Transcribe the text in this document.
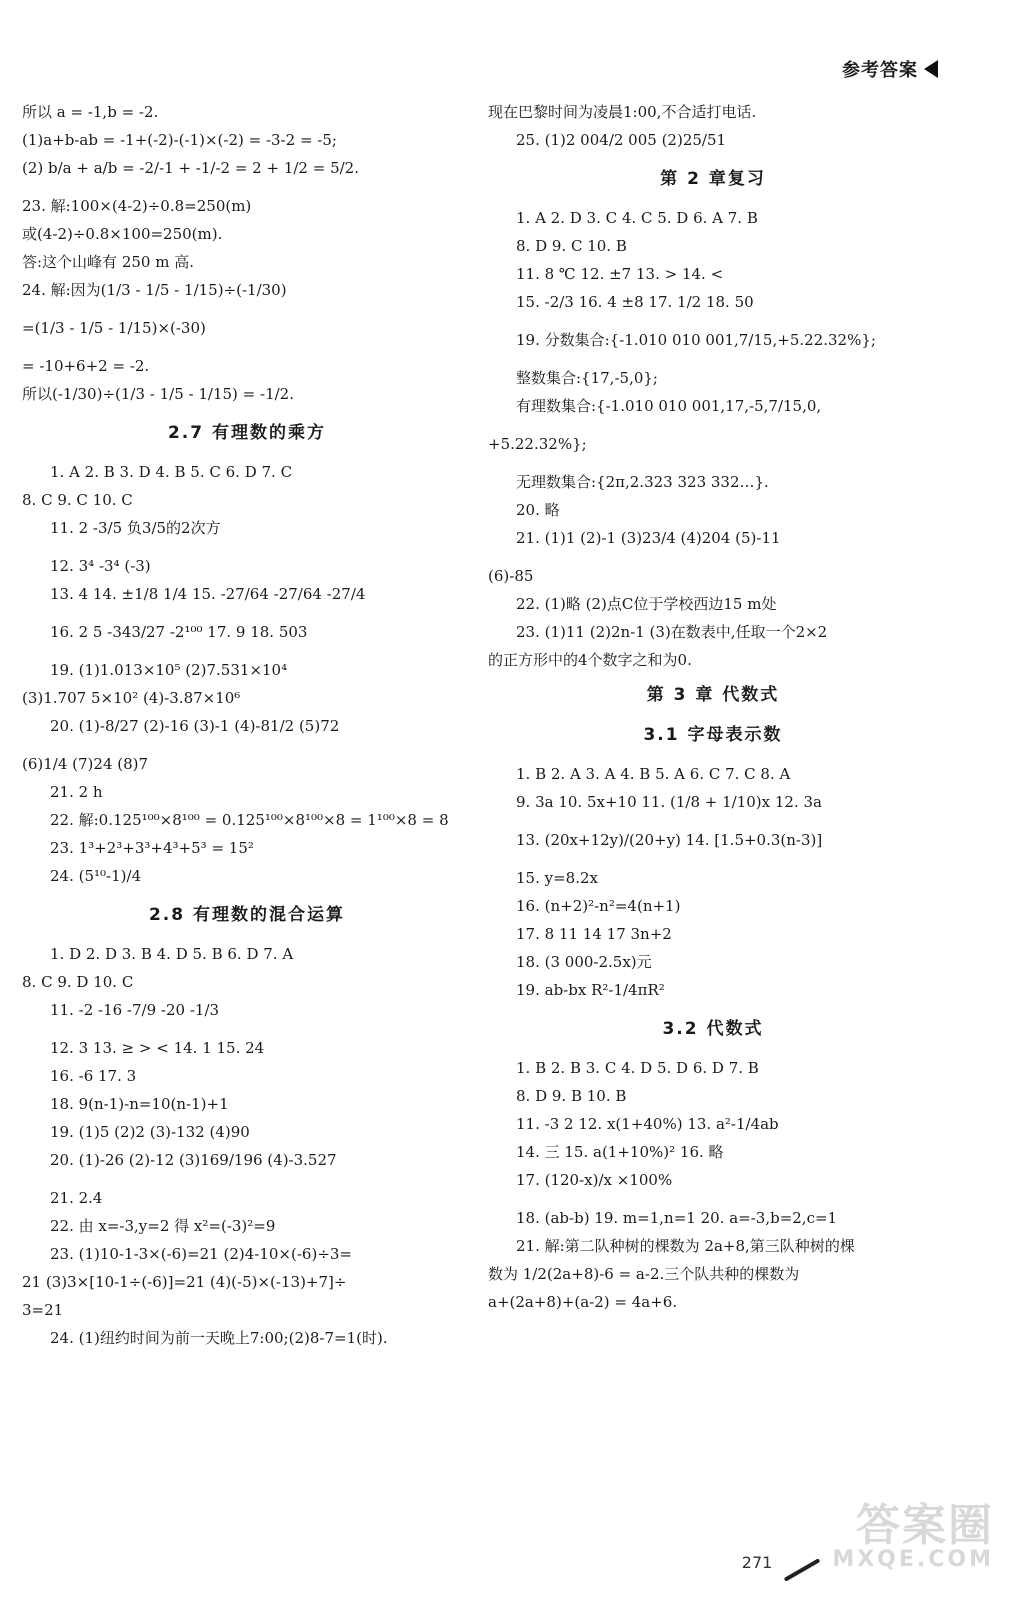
参考答案
所以 a = -1,b = -2.
(1)a+b-ab = -1+(-2)-(-1)×(-2) = -3-2 = -5;
(2) b/a + a/b = -2/-1 + -1/-2 = 2 + 1/2 = 5/2.
23. 解:100×(4-2)÷0.8=250(m)
或(4-2)÷0.8×100=250(m).
答:这个山峰有 250 m 高.
24. 解:因为(1/3 - 1/5 - 1/15)÷(-1/30)
=(1/3 - 1/5 - 1/15)×(-30)
= -10+6+2 = -2.
所以(-1/30)÷(1/3 - 1/5 - 1/15) = -1/2.
2.7 有理数的乘方
1. A 2. B 3. D 4. B 5. C 6. D 7. C
8. C 9. C 10. C
11. 2 -3/5 负3/5的2次方
12. 3⁴ -3⁴ (-3)
13. 4 14. ±1/8 1/4 15. -27/64 -27/64 -27/4
16. 2 5 -343/27 -2¹⁰⁰ 17. 9 18. 503
19. (1)1.013×10⁵ (2)7.531×10⁴
(3)1.707 5×10² (4)-3.87×10⁶
20. (1)-8/27 (2)-16 (3)-1 (4)-81/2 (5)72
(6)1/4 (7)24 (8)7
21. 2 h
22. 解:0.125¹⁰⁰×8¹⁰⁰ = 0.125¹⁰⁰×8¹⁰⁰×8 = 1¹⁰⁰×8 = 8
23. 1³+2³+3³+4³+5³ = 15²
24. (5¹⁰-1)/4
2.8 有理数的混合运算
1. D 2. D 3. B 4. D 5. B 6. D 7. A
8. C 9. D 10. C
11. -2 -16 -7/9 -20 -1/3
12. 3 13. ≥ > < 14. 1 15. 24
16. -6 17. 3
18. 9(n-1)-n=10(n-1)+1
19. (1)5 (2)2 (3)-132 (4)90
20. (1)-26 (2)-12 (3)169/196 (4)-3.527
21. 2.4
22. 由 x=-3,y=2 得 x²=(-3)²=9
23. (1)10-1-3×(-6)=21 (2)4-10×(-6)÷3=
21 (3)3×[10-1÷(-6)]=21 (4)(-5)×(-13)+7]÷
3=21
24. (1)纽约时间为前一天晚上7:00;(2)8-7=1(时).
现在巴黎时间为凌晨1:00,不合适打电话.
25. (1)2 004/2 005 (2)25/51
第 2 章复习
1. A 2. D 3. C 4. C 5. D 6. A 7. B
8. D 9. C 10. B
11. 8 ℃ 12. ±7 13. > 14. <
15. -2/3 16. 4 ±8 17. 1/2 18. 50
19. 分数集合:{-1.010 010 001,7/15,+5.22.32%};
整数集合:{17,-5,0};
有理数集合:{-1.010 010 001,17,-5,7/15,0,
+5.22.32%};
无理数集合:{2π,2.323 323 332…}.
20. 略
21. (1)1 (2)-1 (3)23/4 (4)204 (5)-11
(6)-85
22. (1)略 (2)点C位于学校西边15 m处
23. (1)11 (2)2n-1 (3)在数表中,任取一个2×2
的正方形中的4个数字之和为0.
第 3 章 代数式
3.1 字母表示数
1. B 2. A 3. A 4. B 5. A 6. C 7. C 8. A
9. 3a 10. 5x+10 11. (1/8 + 1/10)x 12. 3a
13. (20x+12y)/(20+y) 14. [1.5+0.3(n-3)]
15. y=8.2x
16. (n+2)²-n²=4(n+1)
17. 8 11 14 17 3n+2
18. (3 000-2.5x)元
19. ab-bx R²-1/4πR²
3.2 代数式
1. B 2. B 3. C 4. D 5. D 6. D 7. B
8. D 9. B 10. B
11. -3 2 12. x(1+40%) 13. a²-1/4ab
14. 三 15. a(1+10%)² 16. 略
17. (120-x)/x ×100%
18. (ab-b) 19. m=1,n=1 20. a=-3,b=2,c=1
21. 解:第二队种树的棵数为 2a+8,第三队种树的棵
数为 1/2(2a+8)-6 = a-2.三个队共种的棵数为
a+(2a+8)+(a-2) = 4a+6.
271
答案圈
MXQE.COM
